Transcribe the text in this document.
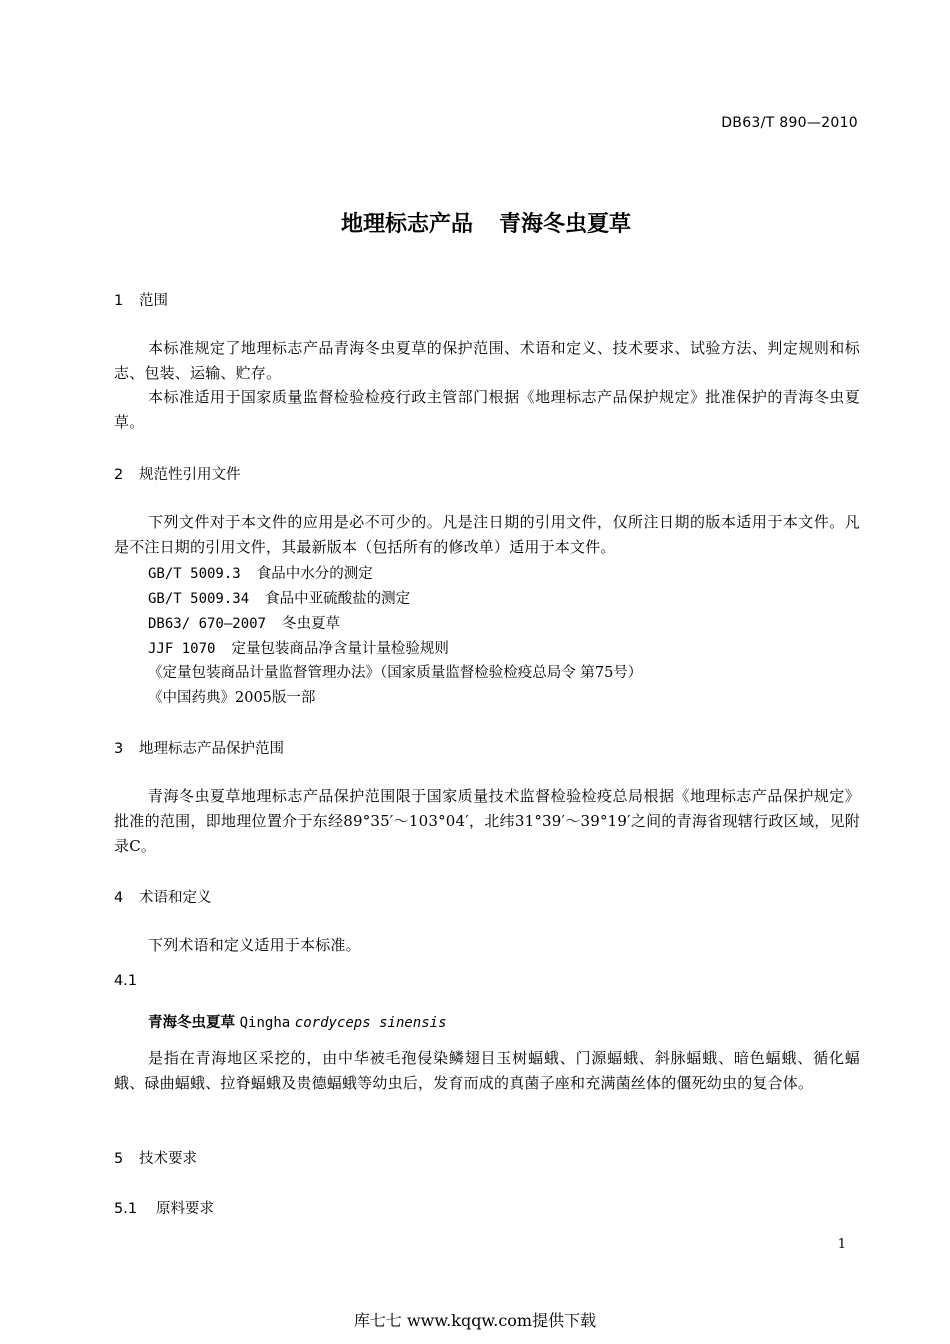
DB63/T 890—2010
地理标志产品 青海冬虫夏草
1 范围
本标准规定了地理标志产品青海冬虫夏草的保护范围、术语和定义、技术要求、试验方法、判定规则和标志、包装、运输、贮存。
本标准适用于国家质量监督检验检疫行政主管部门根据《地理标志产品保护规定》批准保护的青海冬虫夏草。
2 规范性引用文件
下列文件对于本文件的应用是必不可少的。凡是注日期的引用文件，仅所注日期的版本适用于本文件。凡是不注日期的引用文件，其最新版本（包括所有的修改单）适用于本文件。
GB/T 5009.3 食品中水分的测定
GB/T 5009.34 食品中亚硫酸盐的测定
DB63/ 670—2007 冬虫夏草
JJF 1070 定量包装商品净含量计量检验规则
《定量包装商品计量监督管理办法》（国家质量监督检验检疫总局令 第75号）
《中国药典》2005版一部
3 地理标志产品保护范围
青海冬虫夏草地理标志产品保护范围限于国家质量技术监督检验检疫总局根据《地理标志产品保护规定》批准的范围，即地理位置介于东经89°35′～103°04′，北纬31°39′～39°19′之间的青海省现辖行政区域，见附录C。
4 术语和定义
下列术语和定义适用于本标准。
4.1
青海冬虫夏草 Qingha cordyceps sinensis
是指在青海地区采挖的，由中华被毛孢侵染鳞翅目玉树蝠蛾、门源蝠蛾、斜脉蝠蛾、暗色蝠蛾、循化蝠蛾、碌曲蝠蛾、拉脊蝠蛾及贵德蝠蛾等幼虫后，发育而成的真菌子座和充满菌丝体的僵死幼虫的复合体。
5 技术要求
5.1 原料要求
1
库七七 www.kqqw.com提供下载
